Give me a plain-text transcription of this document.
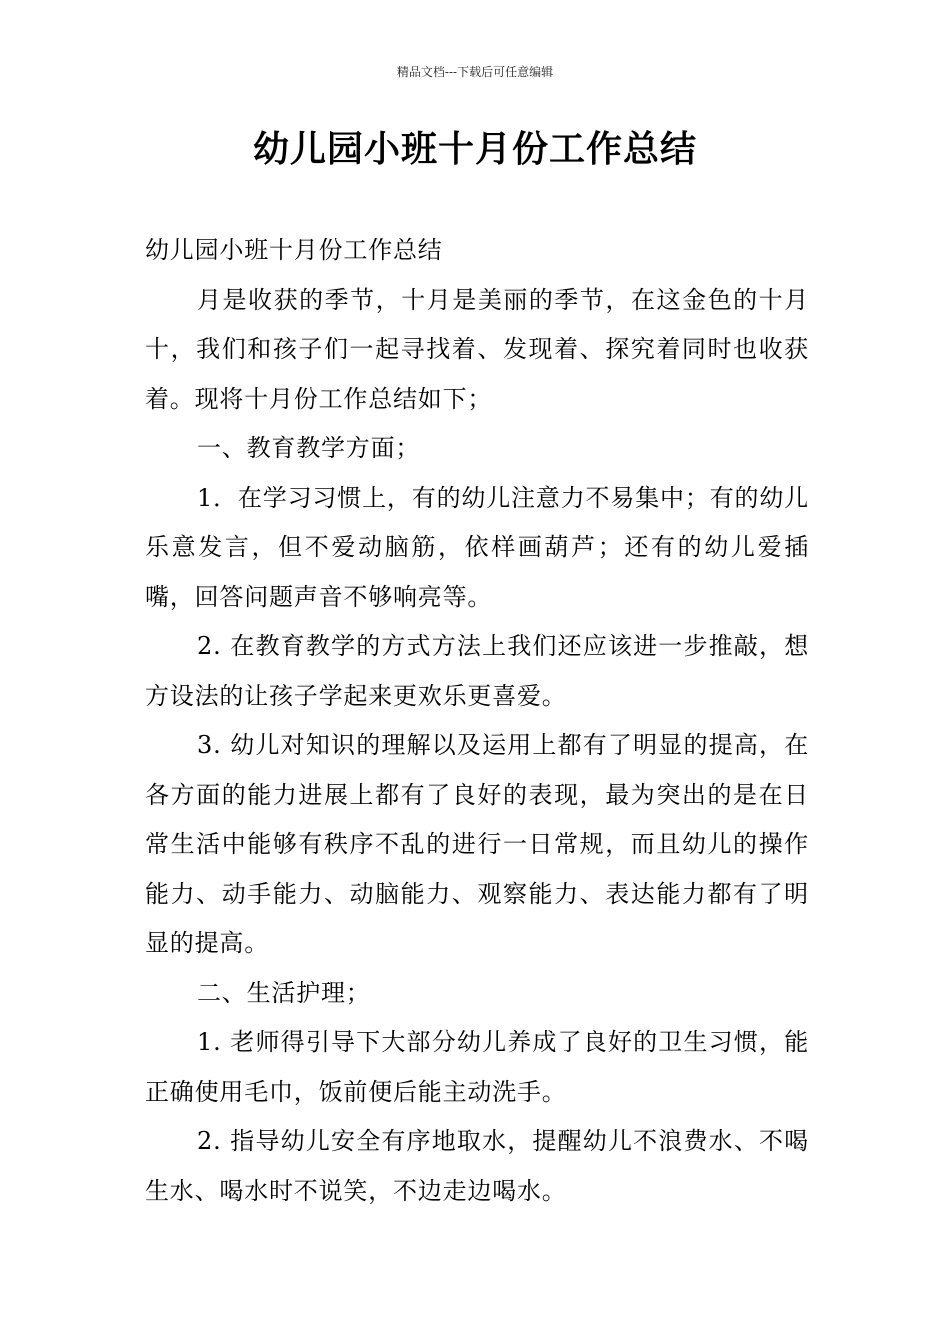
精品文档---下载后可任意编辑
幼儿园小班十月份工作总结

幼儿园小班十月份工作总结

月是收获的季节，十月是美丽的季节，在这金色的十月十，我们和孩子们一起寻找着、发现着、探究着同时也收获着。现将十月份工作总结如下；

一、教育教学方面；

1．在学习习惯上，有的幼儿注意力不易集中；有的幼儿乐意发言，但不爱动脑筋，依样画葫芦；还有的幼儿爱插嘴，回答问题声音不够响亮等。

2. 在教育教学的方式方法上我们还应该进一步推敲，想方设法的让孩子学起来更欢乐更喜爱。

3. 幼儿对知识的理解以及运用上都有了明显的提高，在各方面的能力进展上都有了良好的表现，最为突出的是在日常生活中能够有秩序不乱的进行一日常规，而且幼儿的操作能力、动手能力、动脑能力、观察能力、表达能力都有了明显的提高。

二、生活护理；

1. 老师得引导下大部分幼儿养成了良好的卫生习惯，能正确使用毛巾，饭前便后能主动洗手。

2. 指导幼儿安全有序地取水，提醒幼儿不浪费水、不喝生水、喝水时不说笑，不边走边喝水。
